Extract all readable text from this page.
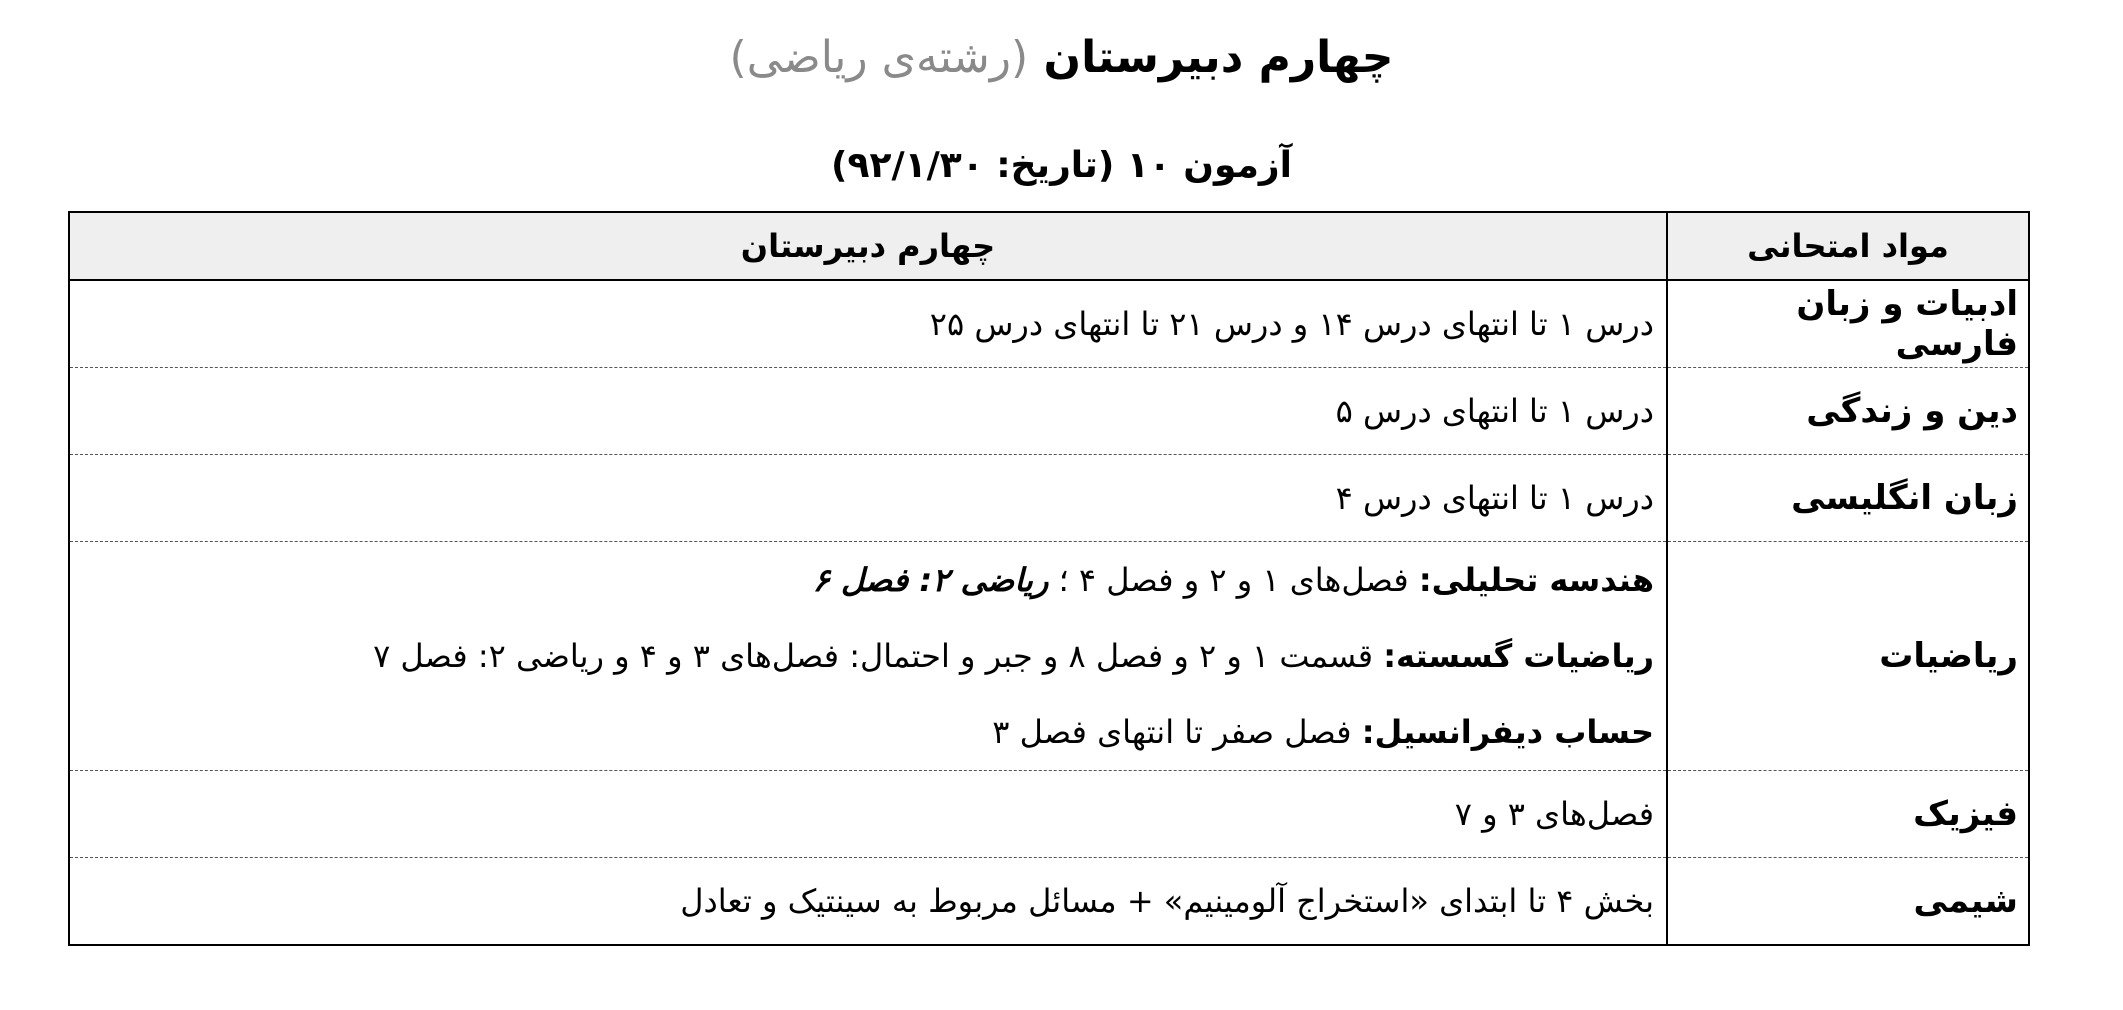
چهارم دبیرستان (رشته‌ی ریاضی)
آزمون ۱۰ (تاریخ: ۹۲/۱/۳۰)
مواد امتحانی	چهارم دبیرستان
ادبیات و زبان فارسی	درس ۱ تا انتهای درس ۱۴ و درس ۲۱ تا انتهای درس ۲۵
دین و زندگی	درس ۱ تا انتهای درس ۵
زبان انگلیسی	درس ۱ تا انتهای درس ۴
ریاضیات	هندسه تحلیلی: فصل‌های ۱ و ۲ و فصل ۴ ؛ ریاضی ۲: فصل ۶
ریاضیات گسسته: قسمت ۱ و ۲ و فصل ۸ و جبر و احتمال: فصل‌های ۳ و ۴ و ریاضی ۲: فصل ۷
حساب دیفرانسیل: فصل صفر تا انتهای فصل ۳

فیزیک	فصل‌های ۳ و ۷
شیمی	بخش ۴ تا ابتدای «استخراج آلومینیم» + مسائل مربوط به سینتیک و تعادل
